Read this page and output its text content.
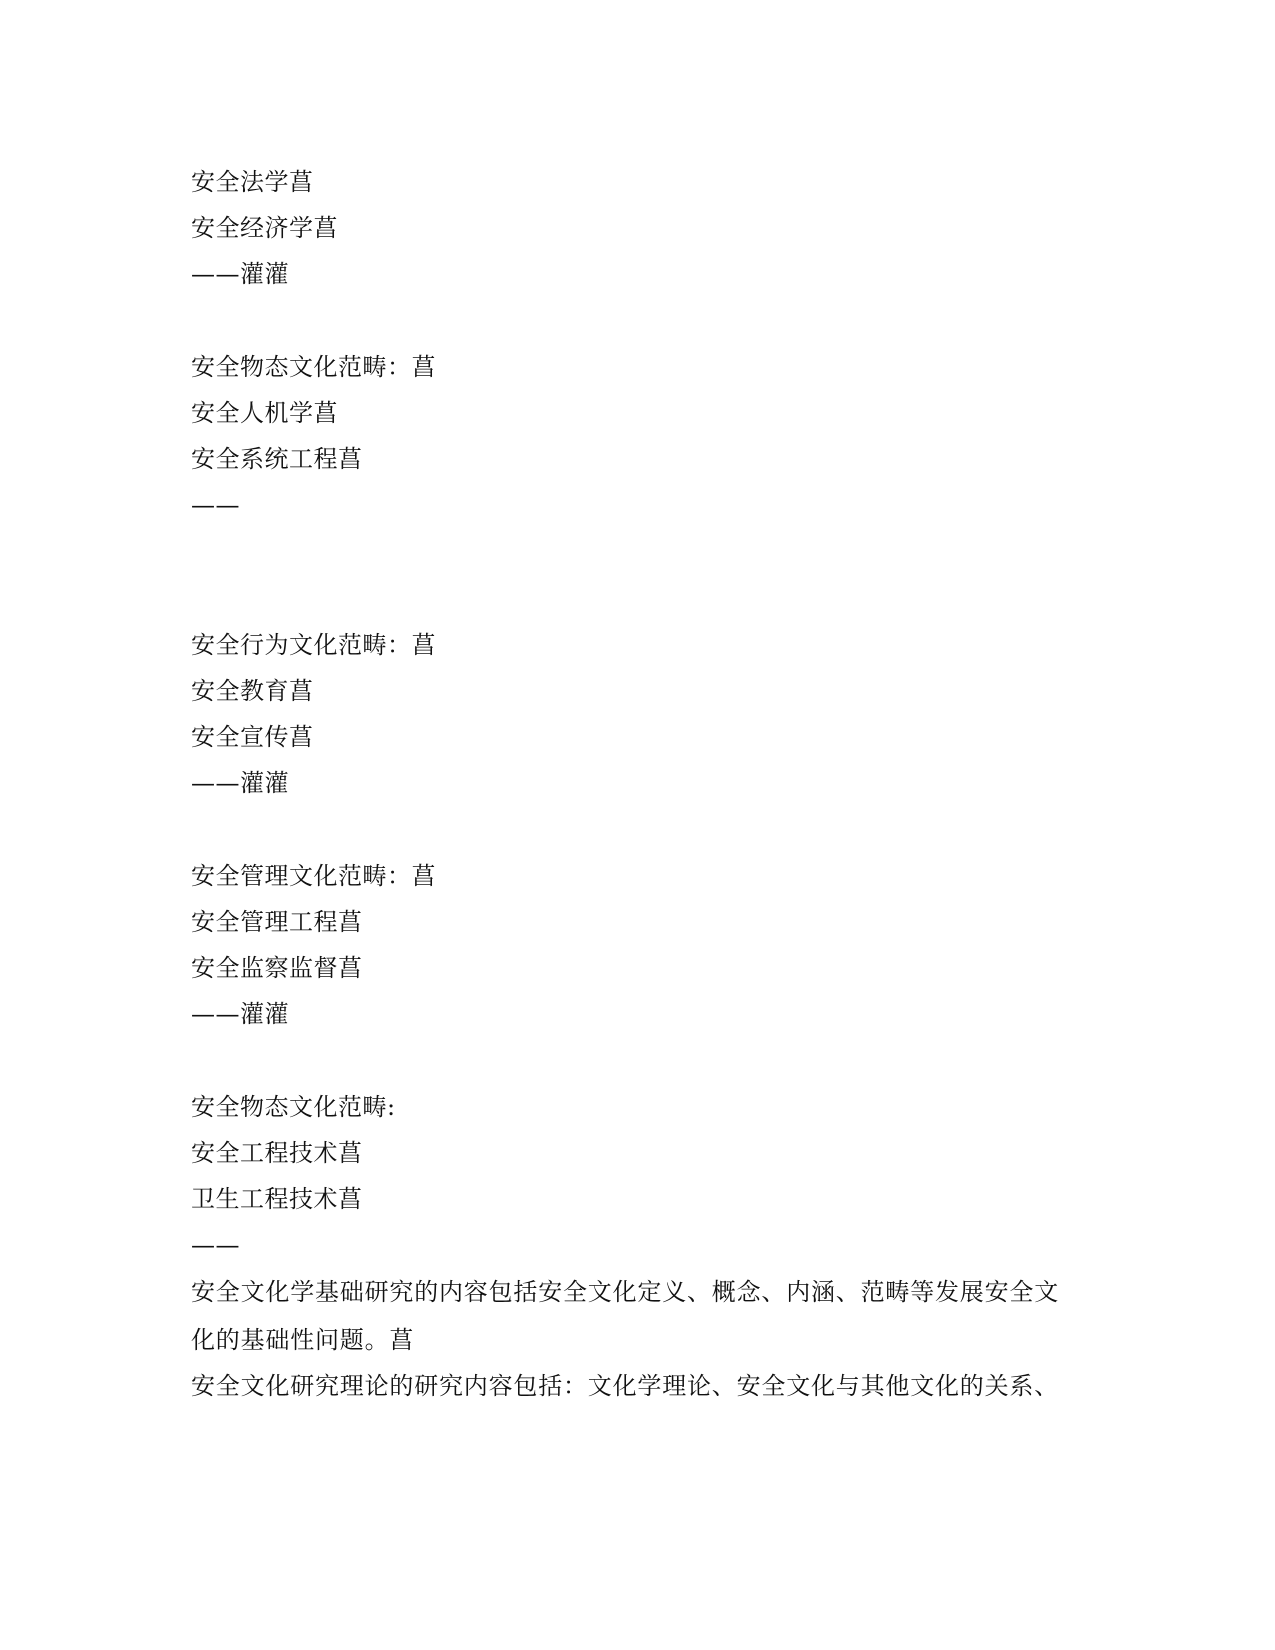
安全法学菖
安全经济学菖
——灌灌
安全物态文化范畴：菖
安全人机学菖
安全系统工程菖
——
安全行为文化范畴：菖
安全教育菖
安全宣传菖
——灌灌
安全管理文化范畴：菖
安全管理工程菖
安全监察监督菖
——灌灌
安全物态文化范畴:
安全工程技术菖
卫生工程技术菖
——
安全文化学基础研究的内容包括安全文化定义、概念、内涵、范畴等发展安全文化的基础性问题。菖
安全文化研究理论的研究内容包括：文化学理论、安全文化与其他文化的关系、
